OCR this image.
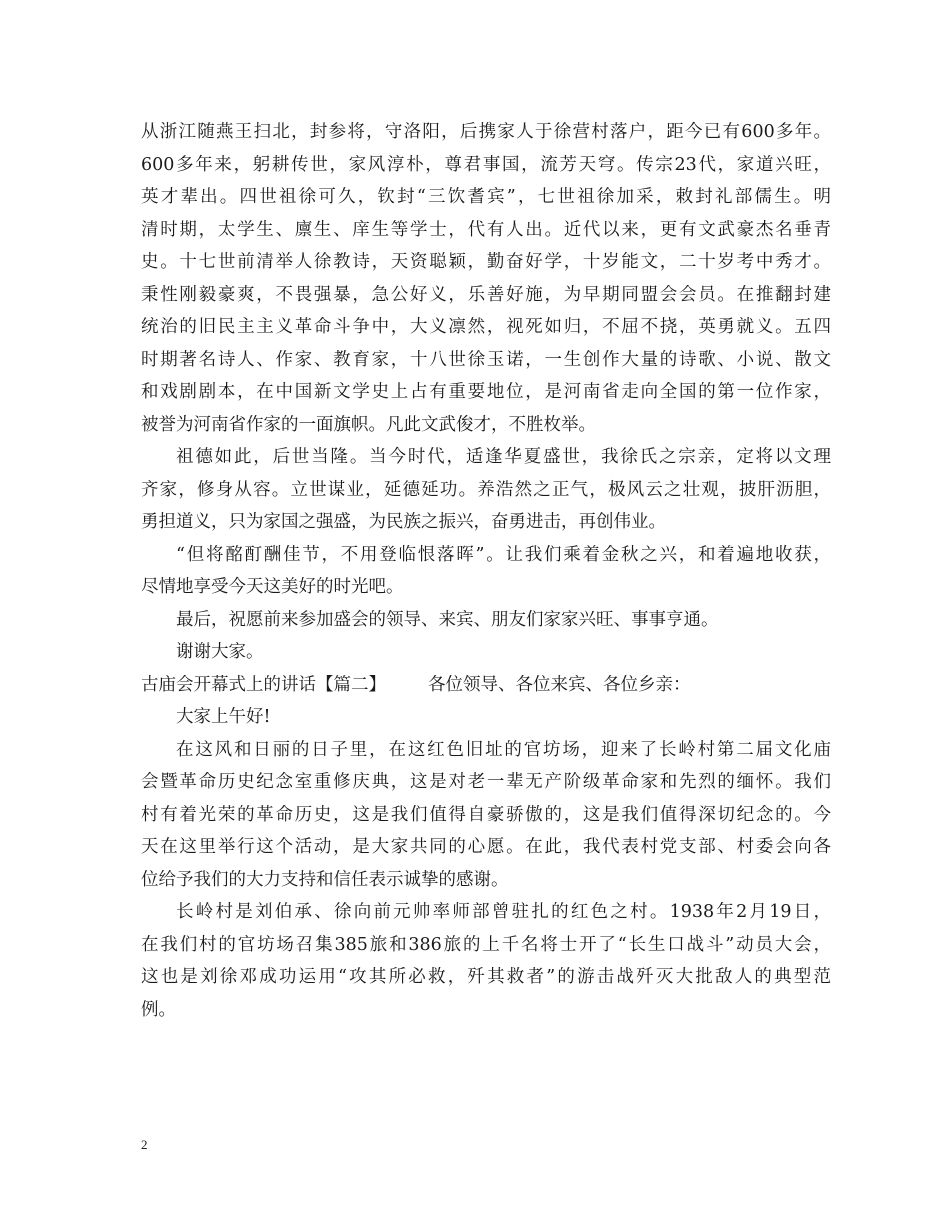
从浙江随燕王扫北，封参将，守洛阳，后携家人于徐营村落户，距今已有600多年。
600多年来，躬耕传世，家风淳朴，尊君事国，流芳天穹。传宗23代，家道兴旺，
英才辈出。四世祖徐可久，钦封“三饮耆宾”，七世祖徐加采，敕封礼部儒生。明
清时期，太学生、廪生、庠生等学士，代有人出。近代以来，更有文武豪杰名垂青
史。十七世前清举人徐教诗，天资聪颖，勤奋好学，十岁能文，二十岁考中秀才。
秉性刚毅豪爽，不畏强暴，急公好义，乐善好施，为早期同盟会会员。在推翻封建
统治的旧民主主义革命斗争中，大义凛然，视死如归，不屈不挠，英勇就义。五四
时期著名诗人、作家、教育家，十八世徐玉诺，一生创作大量的诗歌、小说、散文
和戏剧剧本，在中国新文学史上占有重要地位，是河南省走向全国的第一位作家，
被誉为河南省作家的一面旗帜。凡此文武俊才，不胜枚举。
祖德如此，后世当隆。当今时代，适逢华夏盛世，我徐氏之宗亲，定将以文理
齐家，修身从容。立世谋业，延德延功。养浩然之正气，极风云之壮观，披肝沥胆，
勇担道义，只为家国之强盛，为民族之振兴，奋勇进击，再创伟业。
“但将酩酊酬佳节，不用登临恨落晖”。让我们乘着金秋之兴，和着遍地收获，
尽情地享受今天这美好的时光吧。
最后，祝愿前来参加盛会的领导、来宾、朋友们家家兴旺、事事亨通。
谢谢大家。
古庙会开幕式上的讲话【篇二】 各位领导、各位来宾、各位乡亲：
大家上午好!
在这风和日丽的日子里，在这红色旧址的官坊场，迎来了长岭村第二届文化庙
会暨革命历史纪念室重修庆典，这是对老一辈无产阶级革命家和先烈的缅怀。我们
村有着光荣的革命历史，这是我们值得自豪骄傲的，这是我们值得深切纪念的。今
天在这里举行这个活动，是大家共同的心愿。在此，我代表村党支部、村委会向各
位给予我们的大力支持和信任表示诚挚的感谢。
长岭村是刘伯承、徐向前元帅率师部曾驻扎的红色之村。1938年2月19日，
在我们村的官坊场召集385旅和386旅的上千名将士开了“长生口战斗”动员大会，
这也是刘徐邓成功运用“攻其所必救，歼其救者”的游击战歼灭大批敌人的典型范
例。
2
